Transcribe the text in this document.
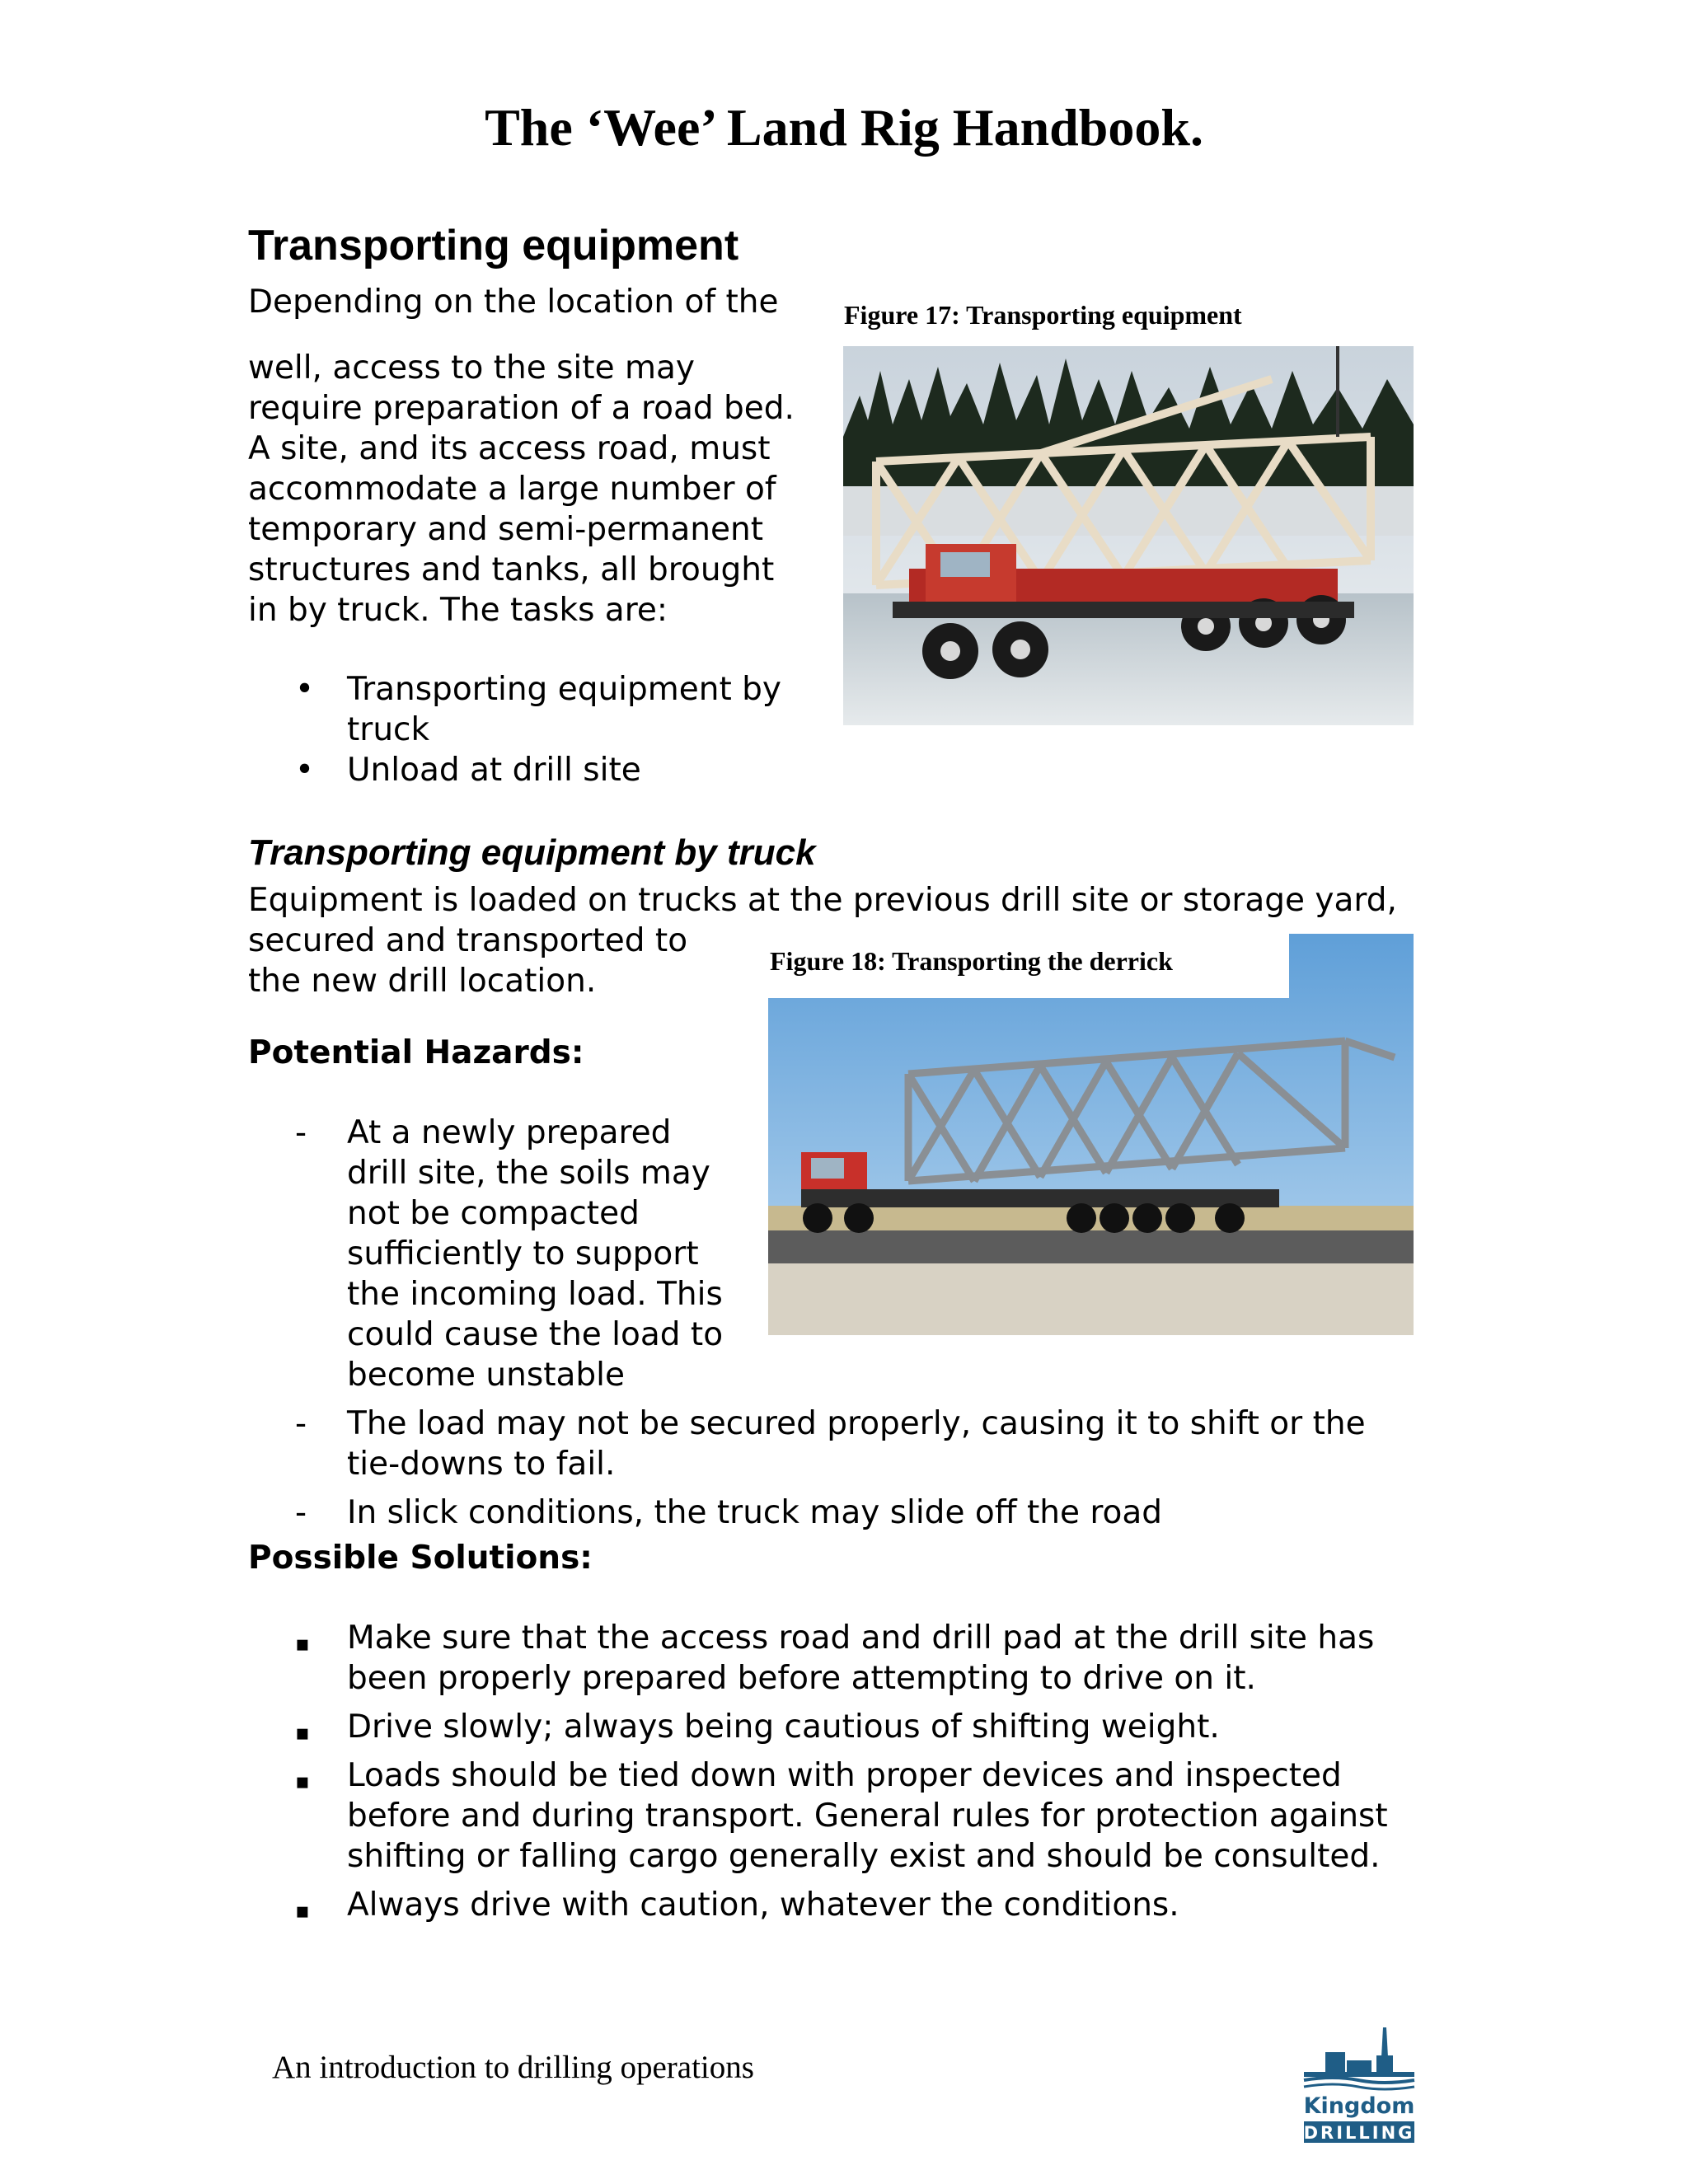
The ‘Wee’ Land Rig Handbook.
Transporting equipment
Depending on the location of the
well, access to the site may
require preparation of a road bed.
A site, and its access road, must
accommodate a large number of
temporary and semi-permanent
structures and tanks, all brought
in by truck. The tasks are:
• Transporting equipment by
truck
• Unload at drill site
Figure 17: Transporting equipment
Transporting equipment by truck
Equipment is loaded on trucks at the previous drill site or storage yard,
secured and transported to
the new drill location.
Figure 18: Transporting the derrick
Potential Hazards:
- At a newly prepared
drill site, the soils may
not be compacted
sufficiently to support
the incoming load. This
could cause the load to
become unstable
- The load may not be secured properly, causing it to shift or the
tie-downs to fail.
- In slick conditions, the truck may slide off the road
Possible Solutions:
▪ Make sure that the access road and drill pad at the drill site has
been properly prepared before attempting to drive on it.
▪ Drive slowly; always being cautious of shifting weight.
▪ Loads should be tied down with proper devices and inspected
before and during transport. General rules for protection against
shifting or falling cargo generally exist and should be consulted.
▪ Always drive with caution, whatever the conditions.
An introduction to drilling operations
Kingdom
DRILLING
